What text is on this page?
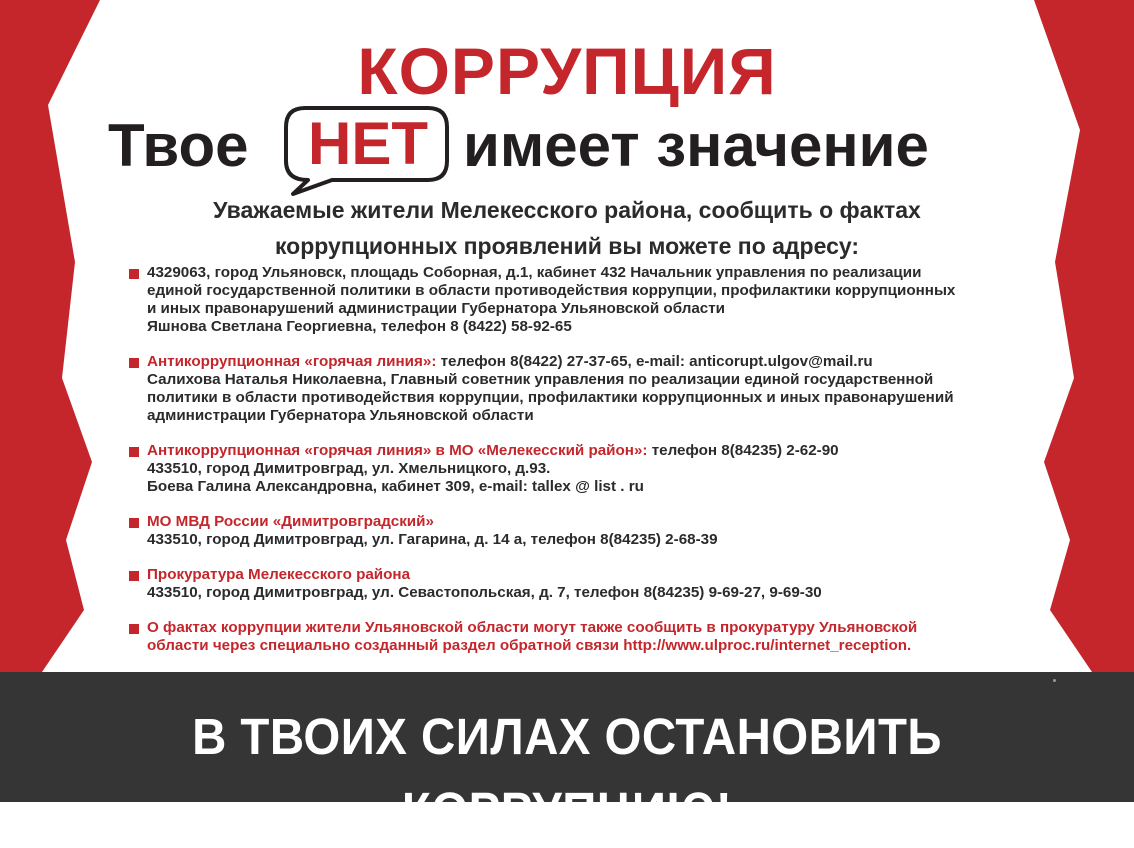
КОРРУПЦИЯ
Твое НЕТ имеет значение
Уважаемые жители Мелекесского района, сообщить о фактах
коррупционных проявлений вы можете по адресу:
4329063, город Ульяновск, площадь Соборная, д.1, кабинет 432 Начальник управления по реализации
единой государственной политики в области противодействия коррупции, профилактики коррупционных
и иных правонарушений администрации Губернатора Ульяновской области
Яшнова Светлана Георгиевна, телефон 8 (8422) 58-92-65
Антикоррупционная «горячая линия»: телефон 8(8422) 27-37-65, e-mail: anticorupt.ulgov@mail.ru
Салихова Наталья Николаевна, Главный советник управления по реализации единой государственной
политики в области противодействия коррупции, профилактики коррупционных и иных правонарушений
администрации Губернатора Ульяновской области
Антикоррупционная «горячая линия» в МО «Мелекесский район»: телефон 8(84235) 2-62-90
433510, город Димитровград, ул. Хмельницкого, д.93.
Боева Галина Александровна, кабинет 309, e-mail: tallex @ list . ru
МО МВД России «Димитровградский»
433510, город Димитровград, ул. Гагарина, д. 14 а, телефон 8(84235) 2-68-39
Прокуратура Мелекесского района
433510, город Димитровград, ул. Севастопольская, д. 7, телефон 8(84235) 9-69-27, 9-69-30
О фактах коррупции жители Ульяновской области могут также сообщить в прокуратуру Ульяновской
области через специально созданный раздел обратной связи http://www.ulproc.ru/internet_reception.
В ТВОИХ СИЛАХ ОСТАНОВИТЬ КОРРУПЦИЮ!
